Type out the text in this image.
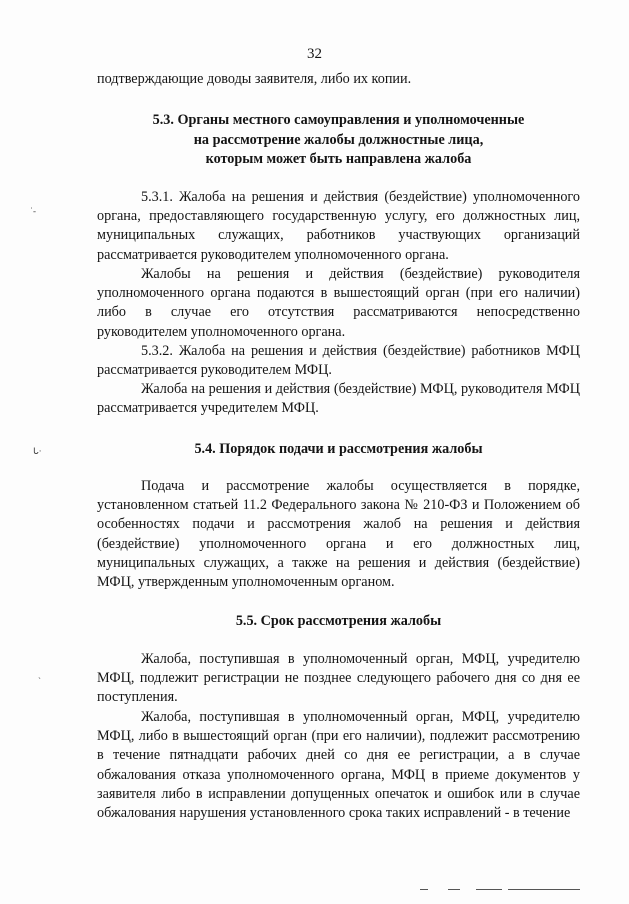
32

подтверждающие доводы заявителя, либо их копии.

5.3. Органы местного самоуправления и уполномоченные
на рассмотрение жалобы должностные лица,
которым может быть направлена жалоба

5.3.1. Жалоба на решения и действия (бездействие) уполномоченного органа, предоставляющего государственную услугу, его должностных лиц, муниципальных служащих, работников участвующих организаций рассматривается руководителем уполномоченного органа.

Жалобы на решения и действия (бездействие) руководителя уполномоченного органа подаются в вышестоящий орган (при его наличии) либо в случае его отсутствия рассматриваются непосредственно руководителем уполномоченного органа.

5.3.2. Жалоба на решения и действия (бездействие) работников МФЦ рассматривается руководителем МФЦ.

Жалоба на решения и действия (бездействие) МФЦ, руководителя МФЦ рассматривается учредителем МФЦ.

5.4. Порядок подачи и рассмотрения жалобы

Подача и рассмотрение жалобы осуществляется в порядке, установленном статьей 11.2 Федерального закона № 210-ФЗ и Положением об особенностях подачи и рассмотрения жалоб на решения и действия (бездействие) уполномоченного органа и его должностных лиц, муниципальных служащих, а также на решения и действия (бездействие) МФЦ, утвержденным уполномоченным органом.

5.5. Срок рассмотрения жалобы

Жалоба, поступившая в уполномоченный орган, МФЦ, учредителю МФЦ, подлежит регистрации не позднее следующего рабочего дня со дня ее поступления.

Жалоба, поступившая в уполномоченный орган, МФЦ, учредителю МФЦ, либо в вышестоящий орган (при его наличии), подлежит рассмотрению в течение пятнадцати рабочих дней со дня ее регистрации, а в случае обжалования отказа уполномоченного органа, МФЦ в приеме документов у заявителя либо в исправлении допущенных опечаток и ошибок или в случае обжалования нарушения установленного срока таких исправлений - в течение

˙‐
ᒐ·
˴
